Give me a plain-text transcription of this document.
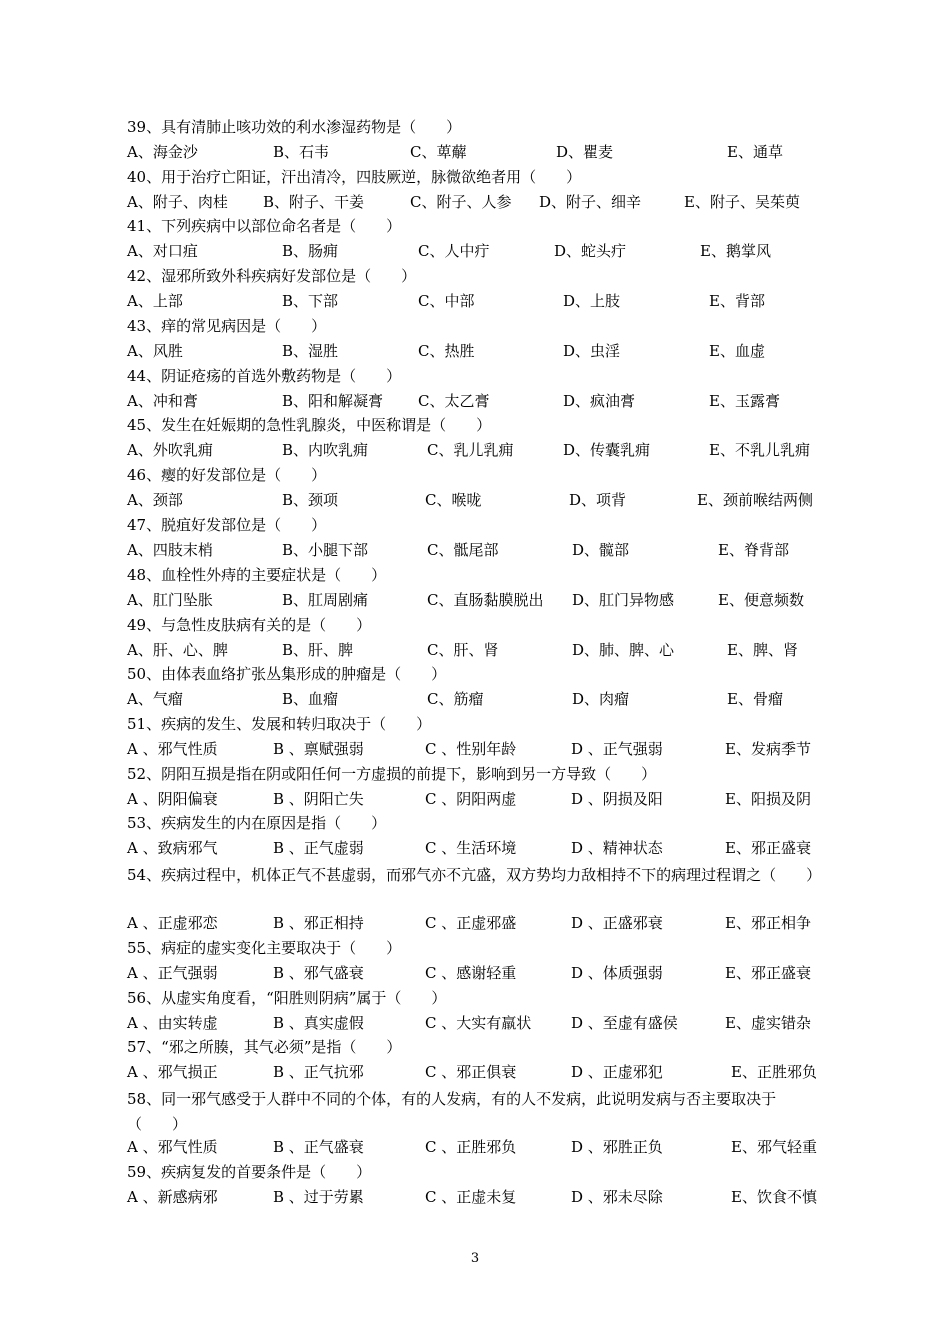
39、具有清肺止咳功效的利水渗湿药物是（　　）
A、海金沙	B、石韦	C、萆薢	D、瞿麦	E、通草
40、用于治疗亡阳证，汗出清冷，四肢厥逆，脉微欲绝者用（　　）
A、附子、肉桂 B、附子、干姜	C、附子、人参 D、附子、细辛	E、附子、吴茱萸
41、下列疾病中以部位命名者是（　　）
A、对口疽	B、肠痈	C、人中疔	D、蛇头疔	E、鹅掌风
42、湿邪所致外科疾病好发部位是（　　）
A、上部	B、下部	C、中部	D、上肢	E、背部
43、痒的常见病因是（　　）
A、风胜	B、湿胜	C、热胜	D、虫淫	E、血虚
44、阴证疮疡的首选外敷药物是（　　）
A、冲和膏	B、阳和解凝膏 C、太乙膏	D、疯油膏	E、玉露膏
45、发生在妊娠期的急性乳腺炎，中医称谓是（　　）
A、外吹乳痈	B、内吹乳痈	C、乳儿乳痈	D、传囊乳痈	E、不乳儿乳痈
46、瘿的好发部位是（　　）
A、颈部	B、颈项	C、喉咙	D、项背	E、颈前喉结两侧
47、脱疽好发部位是（　　）
A、四肢末梢	B、小腿下部	C、骶尾部	D、髋部	E、脊背部
48、血栓性外痔的主要症状是（　　）
A、肛门坠胀	B、肛周剧痛	C、直肠黏膜脱出 D、肛门异物感	E、便意频数
49、与急性皮肤病有关的是（　　）
A、肝、心、脾	B、肝、脾	C、肝、肾	D、肺、脾、心	E、脾、肾
50、由体表血络扩张丛集形成的肿瘤是（　　）
A、气瘤	B、血瘤	C、筋瘤	D、肉瘤	E、骨瘤
51、疾病的发生、发展和转归取决于（　　）
A 、邪气性质	B 、禀赋强弱	C 、性别年龄	D 、正气强弱	E、发病季节
52、阴阳互损是指在阴或阳任何一方虚损的前提下，影响到另一方导致（　　）
A 、阴阳偏衰	B 、阴阳亡失	C 、阴阳两虚	D 、阴损及阳	E、阳损及阴
53、疾病发生的内在原因是指（　　）
A 、致病邪气	B 、正气虚弱	C 、生活环境	D 、精神状态	E、邪正盛衰
54、疾病过程中，机体正气不甚虚弱，而邪气亦不亢盛，双方势均力敌相持不下的病理过程谓之（　　）
A 、正虚邪恋	B 、邪正相持	C 、正虚邪盛	D 、正盛邪衰	E、邪正相争
55、病症的虚实变化主要取决于（　　）
A 、正气强弱	B 、邪气盛衰	C 、感谢轻重	D 、体质强弱	E、邪正盛衰
56、从虚实角度看，“阳胜则阴病”属于（　　）
A 、由实转虚	B 、真实虚假	C 、大实有羸状	D 、至虚有盛侯	E、虚实错杂
57、“邪之所腠，其气必须”是指（　　）
A 、邪气损正	B 、正气抗邪	C 、邪正俱衰	D 、正虚邪犯	E、正胜邪负
58、同一邪气感受于人群中不同的个体，有的人发病，有的人不发病，此说明发病与否主要取决于（　　）
A 、邪气性质	B 、正气盛衰	C 、正胜邪负	D 、邪胜正负	E、邪气轻重
59、疾病复发的首要条件是（　　）
A 、新感病邪	B 、过于劳累	C 、正虚未复	D 、邪未尽除	E、饮食不慎
3
